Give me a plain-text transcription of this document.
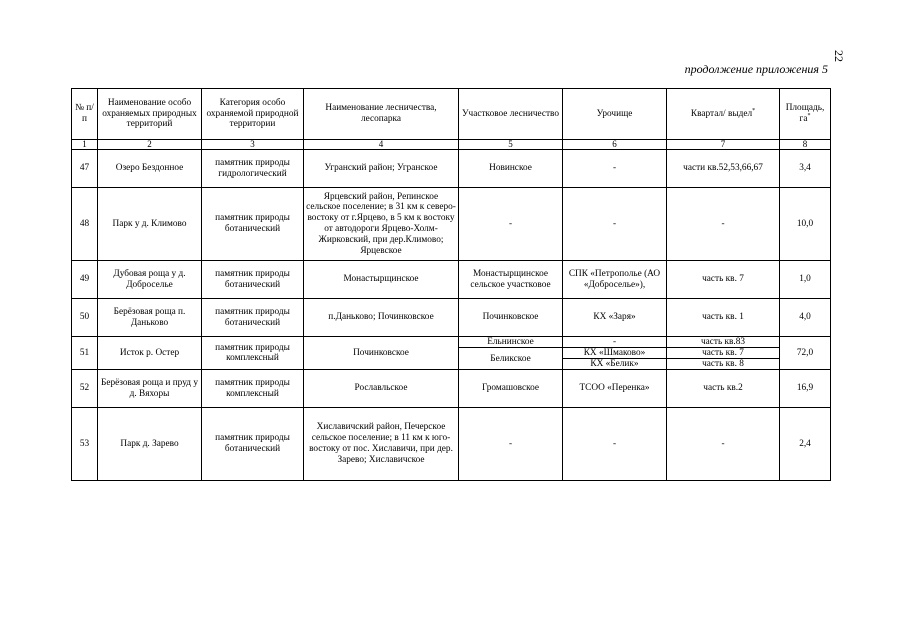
22
продолжение приложения 5
№ п/п	Наименование особо охраняемых природных территорий	Категория особо охраняемой природной территории	Наименование лесничества, лесопарка	Участковое лесничество	Урочище	Квартал/ выдел*	Площадь, га*
1	2	3	4	5	6	7	8
47	Озеро Бездонное	памятник природы гидрологический	Угранский район; Угранское	Новинское	-	части кв.52,53,66,67	3,4
48	Парк у д. Климово	памятник природы ботанический	Ярцевский район, Репинское сельское поселение; в 31 км к северо-востоку от г.Ярцево, в 5 км к востоку от автодороги Ярцево-Холм-Жирковский, при дер.Климово; Ярцевское	-	-	-	10,0
49	Дубовая роща у д. Добросельe	памятник природы ботанический	Монастырщинское	Монастырщинское сельское участковое	СПК «Петрополье (АО «Добросельe»),	часть кв. 7	1,0
50	Берёзовая роща п. Даньково	памятник природы ботанический	п.Даньково; Починковское	Починковское	КХ «Заря»	часть кв. 1	4,0
51	Исток р. Остер	памятник природы комплексный	Починковское	Ельнинское	-	часть кв.83	72,0
				Беликское	КХ «Шмаково»	часть кв. 7	
					КХ «Белик»	часть кв. 8	
52	Берёзовая роща и пруд у д. Вяхоры	памятник природы комплексный	Рославльское	Громашовское	ТСОО «Перенка»	часть кв.2	16,9
53	Парк д. Зарево	памятник природы ботанический	Хиславичский район, Печерское сельское поселение; в 11 км к юго-востоку от пос. Хиславичи, при дер. Зарево; Хиславичское	-	-	-	2,4
